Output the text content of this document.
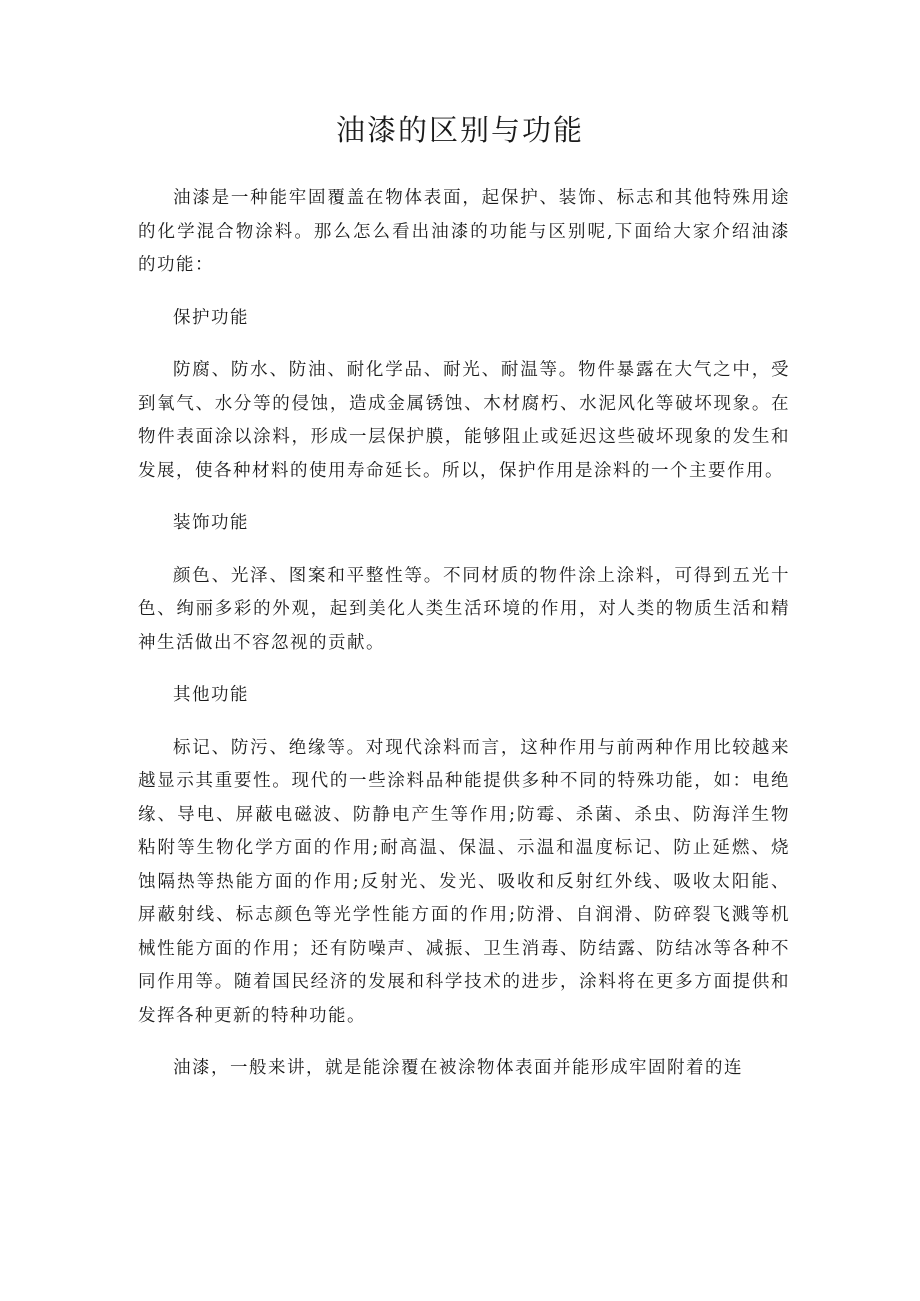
油漆的区别与功能

油漆是一种能牢固覆盖在物体表面，起保护、装饰、标志和其他特殊用途的化学混合物涂料。那么怎么看出油漆的功能与区别呢,下面给大家介绍油漆的功能：

保护功能

防腐、防水、防油、耐化学品、耐光、耐温等。物件暴露在大气之中，受到氧气、水分等的侵蚀，造成金属锈蚀、木材腐朽、水泥风化等破坏现象。在物件表面涂以涂料，形成一层保护膜，能够阻止或延迟这些破坏现象的发生和发展，使各种材料的使用寿命延长。所以，保护作用是涂料的一个主要作用。

装饰功能

颜色、光泽、图案和平整性等。不同材质的物件涂上涂料，可得到五光十色、绚丽多彩的外观，起到美化人类生活环境的作用，对人类的物质生活和精神生活做出不容忽视的贡献。

其他功能

标记、防污、绝缘等。对现代涂料而言，这种作用与前两种作用比较越来越显示其重要性。现代的一些涂料品种能提供多种不同的特殊功能，如：电绝缘、导电、屏蔽电磁波、防静电产生等作用;防霉、杀菌、杀虫、防海洋生物粘附等生物化学方面的作用;耐高温、保温、示温和温度标记、防止延燃、烧蚀隔热等热能方面的作用;反射光、发光、吸收和反射红外线、吸收太阳能、屏蔽射线、标志颜色等光学性能方面的作用;防滑、自润滑、防碎裂飞溅等机械性能方面的作用；还有防噪声、减振、卫生消毒、防结露、防结冰等各种不同作用等。随着国民经济的发展和科学技术的进步，涂料将在更多方面提供和发挥各种更新的特种功能。

油漆，一般来讲，就是能涂覆在被涂物体表面并能形成牢固附着的连
